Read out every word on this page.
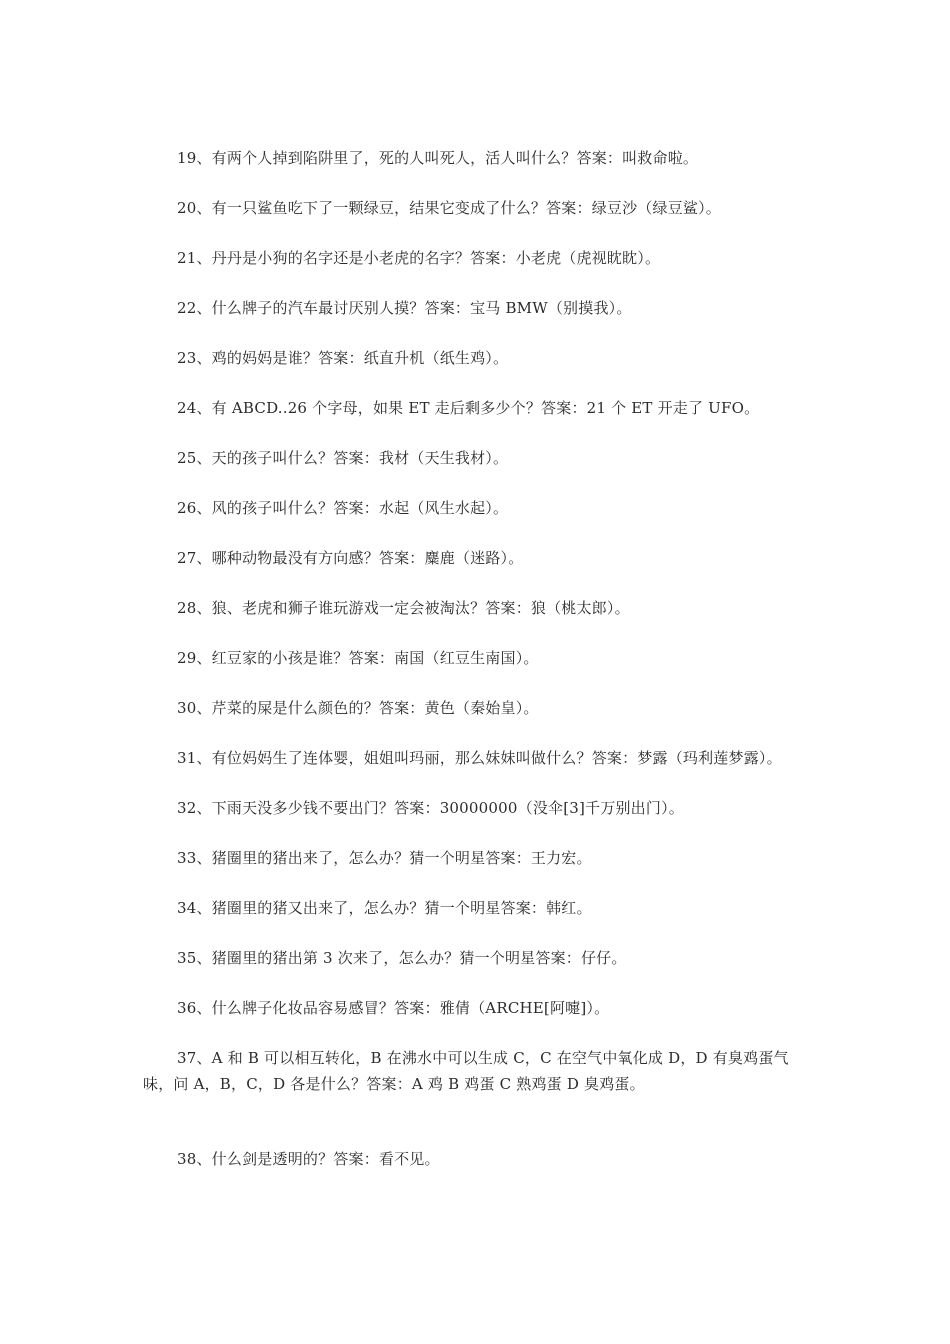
19、有两个人掉到陷阱里了，死的人叫死人，活人叫什么？答案：叫救命啦。

20、有一只鲨鱼吃下了一颗绿豆，结果它变成了什么？答案：绿豆沙（绿豆鲨）。

21、丹丹是小狗的名字还是小老虎的名字？答案：小老虎（虎视眈眈）。

22、什么牌子的汽车最讨厌别人摸？答案：宝马 BMW（别摸我）。

23、鸡的妈妈是谁？答案：纸直升机（纸生鸡）。

24、有 ABCD..26 个字母，如果 ET 走后剩多少个？答案：21 个 ET 开走了 UFO。

25、天的孩子叫什么？答案：我材（天生我材）。

26、风的孩子叫什么？答案：水起（风生水起）。

27、哪种动物最没有方向感？答案：麋鹿（迷路）。

28、狼、老虎和狮子谁玩游戏一定会被淘汰？答案：狼（桃太郎）。

29、红豆家的小孩是谁？答案：南国（红豆生南国）。

30、芹菜的屎是什么颜色的？答案：黄色（秦始皇）。

31、有位妈妈生了连体婴，姐姐叫玛丽，那么妹妹叫做什么？答案：梦露（玛利莲梦露）。

32、下雨天没多少钱不要出门？答案：30000000（没伞[3]千万别出门）。

33、猪圈里的猪出来了，怎么办？猜一个明星答案：王力宏。

34、猪圈里的猪又出来了，怎么办？猜一个明星答案：韩红。

35、猪圈里的猪出第 3 次来了，怎么办？猜一个明星答案：仔仔。

36、什么牌子化妆品容易感冒？答案：雅倩（ARCHE[阿嚏]）。

37、A 和 B 可以相互转化，B 在沸水中可以生成 C，C 在空气中氧化成 D，D 有臭鸡蛋气味，问 A，B，C，D 各是什么？答案：A 鸡 B 鸡蛋 C 熟鸡蛋 D 臭鸡蛋。

38、什么剑是透明的？答案：看不见。
